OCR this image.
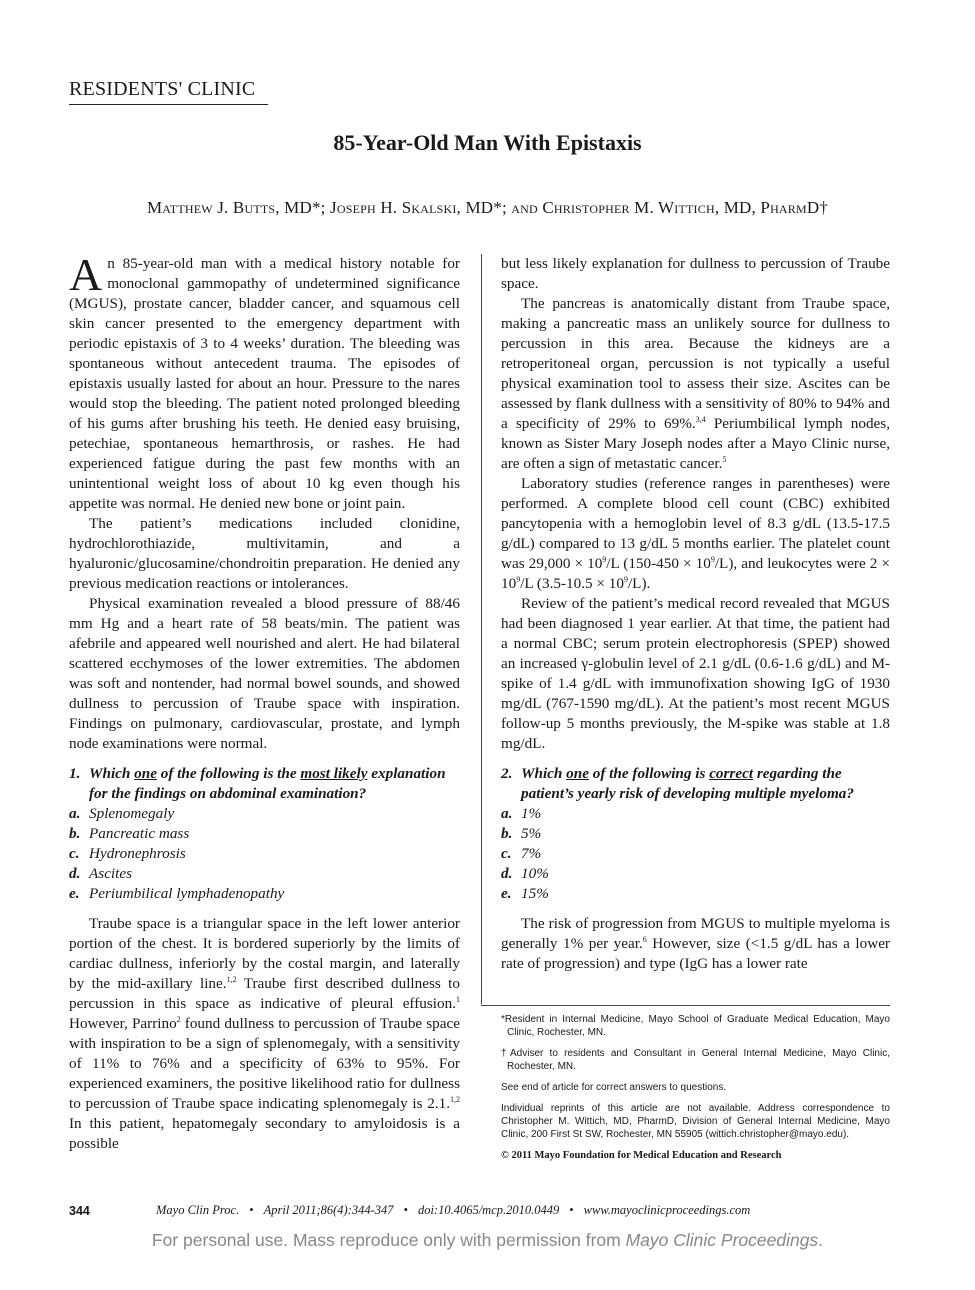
RESIDENTS' CLINIC
85-Year-Old Man With Epistaxis
Matthew J. Butts, MD*; Joseph H. Skalski, MD*; and Christopher M. Wittich, MD, PharmD†

An 85-year-old man with a medical history notable for monoclonal gammopathy of undetermined significance (MGUS), prostate cancer, bladder cancer, and squamous cell skin cancer presented to the emergency department with periodic epistaxis of 3 to 4 weeks’ duration. The bleeding was spontaneous without antecedent trauma. The episodes of epistaxis usually lasted for about an hour. Pressure to the nares would stop the bleeding. The patient noted prolonged bleeding of his gums after brushing his teeth. He denied easy bruising, petechiae, spontaneous hemarthrosis, or rashes. He had experienced fatigue during the past few months with an unintentional weight loss of about 10 kg even though his appetite was normal. He denied new bone or joint pain.

The patient’s medications included clonidine, hydrochlorothiazide, multivitamin, and a hyaluronic/glucosamine/chondroitin preparation. He denied any previous medication reactions or intolerances.

Physical examination revealed a blood pressure of 88/46 mm Hg and a heart rate of 58 beats/min. The patient was afebrile and appeared well nourished and alert. He had bilateral scattered ecchymoses of the lower extremities. The abdomen was soft and nontender, had normal bowel sounds, and showed dullness to percussion of Traube space with inspiration. Findings on pulmonary, cardiovascular, prostate, and lymph node examinations were normal.

1. Which one of the following is the most likely explanation for the findings on abdominal examination?
a. Splenomegaly
b. Pancreatic mass
c. Hydronephrosis
d. Ascites
e. Periumbilical lymphadenopathy

Traube space is a triangular space in the left lower anterior portion of the chest. It is bordered superiorly by the limits of cardiac dullness, inferiorly by the costal margin, and laterally by the mid-axillary line.$^{1,2}$ Traube first described dullness to percussion in this space as indicative of pleural effusion.$^1$ However, Parrino$^2$ found dullness to percussion of Traube space with inspiration to be a sign of splenomegaly, with a sensitivity of 11% to 76% and a specificity of 63% to 95%. For experienced examiners, the positive likelihood ratio for dullness to percussion of Traube space indicating splenomegaly is 2.1.$^{1,2}$ In this patient, hepatomegaly secondary to amyloidosis is a possible

but less likely explanation for dullness to percussion of Traube space.

The pancreas is anatomically distant from Traube space, making a pancreatic mass an unlikely source for dullness to percussion in this area. Because the kidneys are a retroperitoneal organ, percussion is not typically a useful physical examination tool to assess their size. Ascites can be assessed by flank dullness with a sensitivity of 80% to 94% and a specificity of 29% to 69%.$^{3,4}$ Periumbilical lymph nodes, known as Sister Mary Joseph nodes after a Mayo Clinic nurse, are often a sign of metastatic cancer.$^5$

Laboratory studies (reference ranges in parentheses) were performed. A complete blood cell count (CBC) exhibited pancytopenia with a hemoglobin level of 8.3 g/dL (13.5-17.5 g/dL) compared to 13 g/dL 5 months earlier. The platelet count was $29,000 \times 10^9/L$ $(150-450 \times 10^9/L)$, and leukocytes were $2 \times 10^9/L$ $(3.5-10.5 \times 10^9/L)$.

Review of the patient’s medical record revealed that MGUS had been diagnosed 1 year earlier. At that time, the patient had a normal CBC; serum protein electrophoresis (SPEP) showed an increased γ-globulin level of 2.1 g/dL (0.6-1.6 g/dL) and M-spike of 1.4 g/dL with immunofixation showing IgG of 1930 mg/dL (767-1590 mg/dL). At the patient’s most recent MGUS follow-up 5 months previously, the M-spike was stable at 1.8 mg/dL.

2. Which one of the following is correct regarding the patient’s yearly risk of developing multiple myeloma?
a. 1%
b. 5%
c. 7%
d. 10%
e. 15%

The risk of progression from MGUS to multiple myeloma is generally 1% per year.$^6$ However, size (<1.5 g/dL has a lower rate of progression) and type (IgG has a lower rate

*Resident in Internal Medicine, Mayo School of Graduate Medical Education, Mayo Clinic, Rochester, MN.

†Adviser to residents and Consultant in General Internal Medicine, Mayo Clinic, Rochester, MN.

See end of article for correct answers to questions.

Individual reprints of this article are not available. Address correspondence to Christopher M. Wittich, MD, PharmD, Division of General Internal Medicine, Mayo Clinic, 200 First St SW, Rochester, MN 55905 (wittich.christopher@mayo.edu).

© 2011 Mayo Foundation for Medical Education and Research

344	Mayo Clin Proc. • April 2011;86(4):344-347 • doi:10.4065/mcp.2010.0449 • www.mayoclinicproceedings.com
For personal use. Mass reproduce only with permission from Mayo Clinic Proceedings.
